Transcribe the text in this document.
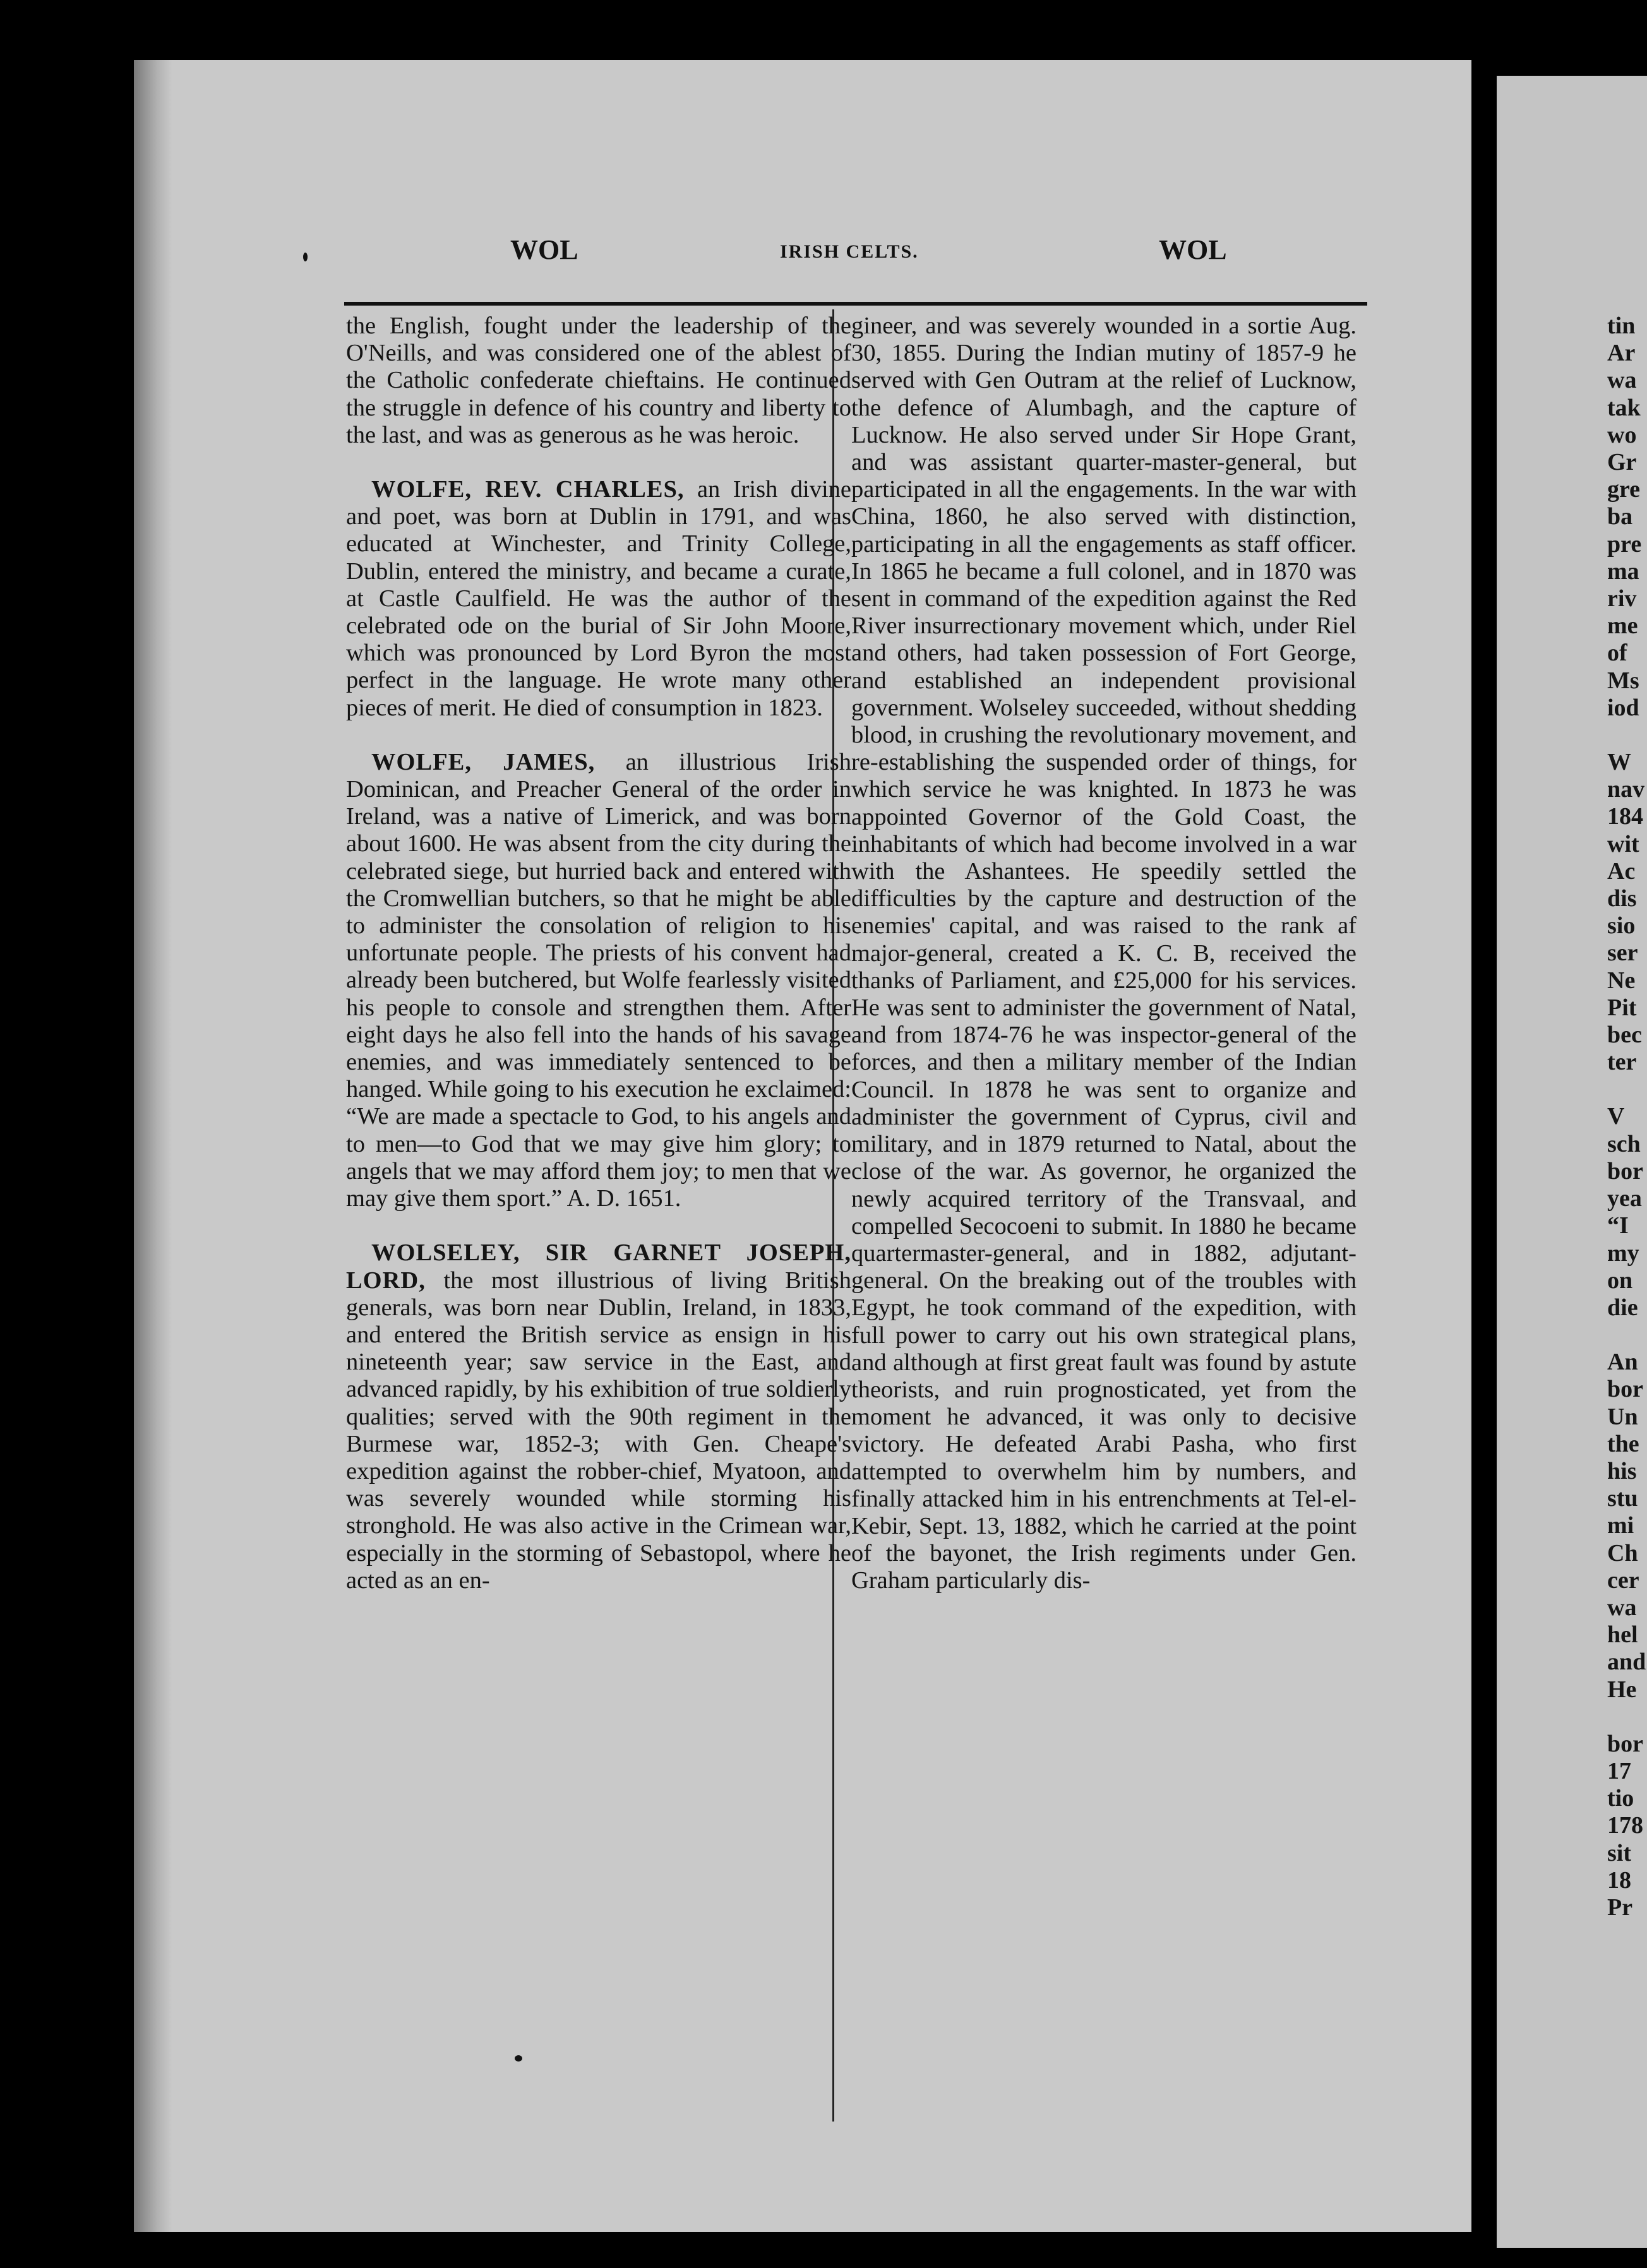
tin

Ar

wa

tak

wo

Gr

gre

ba

pre

ma

riv

me

of

Ms

iod

W

nav

184

wit

Ac

dis

sio

ser

Ne

Pit

bec

ter

V

sch

bor

yea

“I

my

on

die

An

bor

Un

the

his

stu

mi

Ch

cer

wa

hel

and

He

bor

17

tio

178

sit

18

Pr

WOL	IRISH CELTS.	WOL

the English, fought under the leadership of the O'Neills, and was considered one of the ablest of the Catholic confederate chieftains. He continued the struggle in defence of his country and liberty to the last, and was as generous as he was heroic.

WOLFE, REV. CHARLES, an Irish divine and poet, was born at Dublin in 1791, and was educated at Winchester, and Trinity College, Dublin, entered the ministry, and became a curate, at Castle Caulfield. He was the author of the celebrated ode on the burial of Sir John Moore, which was pronounced by Lord Byron the most perfect in the language. He wrote many other pieces of merit. He died of consumption in 1823.

WOLFE, JAMES, an illustrious Irish Dominican, and Preacher General of the order in Ireland, was a native of Limerick, and was born about 1600. He was absent from the city during the celebrated siege, but hurried back and entered with the Cromwellian butchers, so that he might be able to administer the consolation of religion to his unfortunate people. The priests of his convent had already been butchered, but Wolfe fearlessly visited his people to console and strengthen them. After eight days he also fell into the hands of his savage enemies, and was immediately sentenced to be hanged. While going to his execution he exclaimed: “We are made a spectacle to God, to his angels and to men—to God that we may give him glory; to angels that we may afford them joy; to men that we may give them sport.” A. D. 1651.

WOLSELEY, SIR GARNET JOSEPH, LORD, the most illustrious of living British generals, was born near Dublin, Ireland, in 1833, and entered the British service as ensign in his nineteenth year; saw service in the East, and advanced rapidly, by his exhibition of true soldierly qualities; served with the 90th regiment in the Burmese war, 1852-3; with Gen. Cheape's expedition against the robber-chief, Myatoon, and was severely wounded while storming his stronghold. He was also active in the Crimean war, especially in the storming of Sebastopol, where he acted as an en-

gineer, and was severely wounded in a sortie Aug. 30, 1855. During the Indian mutiny of 1857-9 he served with Gen Outram at the relief of Lucknow, the defence of Alumbagh, and the capture of Lucknow. He also served under Sir Hope Grant, and was assistant quarter-master-general, but participated in all the engagements. In the war with China, 1860, he also served with distinction, participating in all the engagements as staff officer. In 1865 he became a full colonel, and in 1870 was sent in command of the expedition against the Red River insurrectionary movement which, under Riel and others, had taken possession of Fort George, and established an independent provisional government. Wolseley succeeded, without shedding blood, in crushing the revolutionary movement, and re-establishing the suspended order of things, for which service he was knighted. In 1873 he was appointed Governor of the Gold Coast, the inhabitants of which had become involved in a war with the Ashantees. He speedily settled the difficulties by the capture and destruction of the enemies' capital, and was raised to the rank af major-general, created a K. C. B, received the thanks of Parliament, and £25,000 for his services. He was sent to administer the government of Natal, and from 1874-76 he was inspector-general of the forces, and then a military member of the Indian Council. In 1878 he was sent to organize and administer the government of Cyprus, civil and military, and in 1879 returned to Natal, about the close of the war. As governor, he organized the newly acquired territory of the Transvaal, and compelled Secocoeni to submit. In 1880 he became quartermaster-general, and in 1882, adjutant-general. On the breaking out of the troubles with Egypt, he took command of the expedition, with full power to carry out his own strategical plans, and although at first great fault was found by astute theorists, and ruin prognosticated, yet from the moment he advanced, it was only to decisive victory. He defeated Arabi Pasha, who first attempted to overwhelm him by numbers, and finally attacked him in his entrenchments at Tel-el-Kebir, Sept. 13, 1882, which he carried at the point of the bayonet, the Irish regiments under Gen. Graham particularly dis-
